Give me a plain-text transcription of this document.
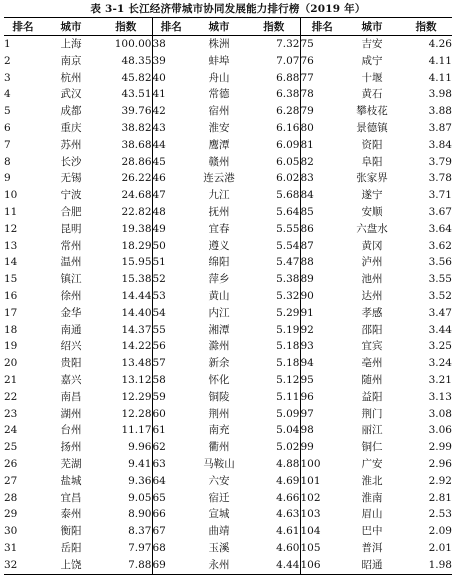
表 3-1 长江经济带城市协同发展能力排行榜（2019 年）
排名	城市	指数	排名	城市	指数	排名	城市	指数
1	上海	100.00	38	株洲	7.32	75	吉安	4.26
2	南京	48.35	39	蚌埠	7.07	76	咸宁	4.11
3	杭州	45.82	40	舟山	6.88	77	十堰	4.11
4	武汉	43.51	41	常德	6.38	78	黄石	3.98
5	成都	39.76	42	宿州	6.28	79	攀枝花	3.88
6	重庆	38.82	43	淮安	6.16	80	景德镇	3.87
7	苏州	38.68	44	鹰潭	6.09	81	资阳	3.84
8	长沙	28.86	45	赣州	6.05	82	阜阳	3.79
9	无锡	26.22	46	连云港	6.02	83	张家界	3.78
10	宁波	24.68	47	九江	5.68	84	遂宁	3.71
11	合肥	22.82	48	抚州	5.64	85	安顺	3.67
12	昆明	19.38	49	宜春	5.55	86	六盘水	3.64
13	常州	18.29	50	遵义	5.54	87	黄冈	3.62
14	温州	15.95	51	绵阳	5.47	88	泸州	3.56
15	镇江	15.38	52	萍乡	5.38	89	池州	3.55
16	徐州	14.44	53	黄山	5.32	90	达州	3.52
17	金华	14.40	54	内江	5.29	91	孝感	3.47
18	南通	14.37	55	湘潭	5.19	92	邵阳	3.44
19	绍兴	14.22	56	滁州	5.18	93	宜宾	3.25
20	贵阳	13.48	57	新余	5.18	94	亳州	3.24
21	嘉兴	13.12	58	怀化	5.12	95	随州	3.21
22	南昌	12.29	59	铜陵	5.11	96	益阳	3.13
23	湖州	12.28	60	荆州	5.09	97	荆门	3.08
24	台州	11.17	61	南充	5.04	98	丽江	3.06
25	扬州	9.96	62	衢州	5.02	99	铜仁	2.99
26	芜湖	9.41	63	马鞍山	4.88	100	广安	2.96
27	盐城	9.36	64	六安	4.69	101	淮北	2.92
28	宜昌	9.05	65	宿迁	4.66	102	淮南	2.81
29	泰州	8.90	66	宣城	4.63	103	眉山	2.53
30	衡阳	8.37	67	曲靖	4.61	104	巴中	2.09
31	岳阳	7.97	68	玉溪	4.60	105	普洱	2.01
32	上饶	7.88	69	永州	4.44	106	昭通	1.98
